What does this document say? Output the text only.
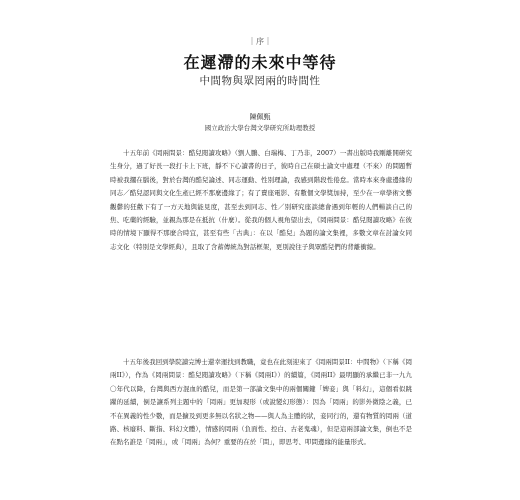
｜序｜
在遲滯的未來中等待
中間物與眾罔兩的時間性
陳佩甄
國立政治大學台灣文學研究所助理教授

十五年前《罔兩問景：酷兒閱讀攻略》（劉人鵬、白瑞梅、丁乃非，2007）一書出版時我剛離開研究生身分，過了好長一段打卡上下班，靜不下心讀書的日子，彼時自己在碩士論文中處理（不來）的問題暫時被我擱在腦後，對於台灣的酷兒論述、同志運動、性別理論，我感到階段性倦怠。當時本來身處邊緣的同志／酷兒認同與文化生產已經不那麼邊緣了；有了賣座電影、有數個文學獎加持，至少在一章學術文藝觀鬱的狂歡下有了一方天地與能見度，甚至去到同志、性／別研究座談總會遇到年輕的人們暢談自己的焦、吃藥的經驗，並親為那是在抵抗（什麼）。從我的個人視角望出去，《罔兩問景：酷兒閱讀攻略》在彼時的情境下顯得不那麼合時宜，甚至有些「古典」：在以「酷兒」為題的論文集裡，多數文章在討論女同志文化（特別是文學經典），且取了含蓄傳統為對話框架，更別說往子與眾酷兒們的背離衝線。

十五年後我回到學院讀完博士還幸運找到教職，竟也在此刻迎來了《罔兩問景II：中間物》（下稱《罔兩II》），作為《罔兩問景：酷兒閱讀攻略》（下稱《罔兩I》）的續篇，《罔兩II》最明顯的承繼已非一九九〇年代以降，台灣與西方混血的酷兒，而是第一部論文集中的兩個關鍵「婢妾」與「料幻」，這個看似跳躍的延續，倒是讓系列主題中的「罔兩」更加現形（或說變幻形態）：因為「罔兩」的影外微陰之義，已不在異義的性少數，而是擴及到更多無以名狀之物——與人為主體的狀，妾同行的，還有物質的罔兩（道路、核廢料、斷指、料幻文體），情感的罔兩（負面性、控白、古老鬼魂），但是這兩部論文集，倒也不是在點名誰是「罔兩」，或「罔兩」為何？重要的在於「問」，即思考、叩問邊緣的能量形式。
